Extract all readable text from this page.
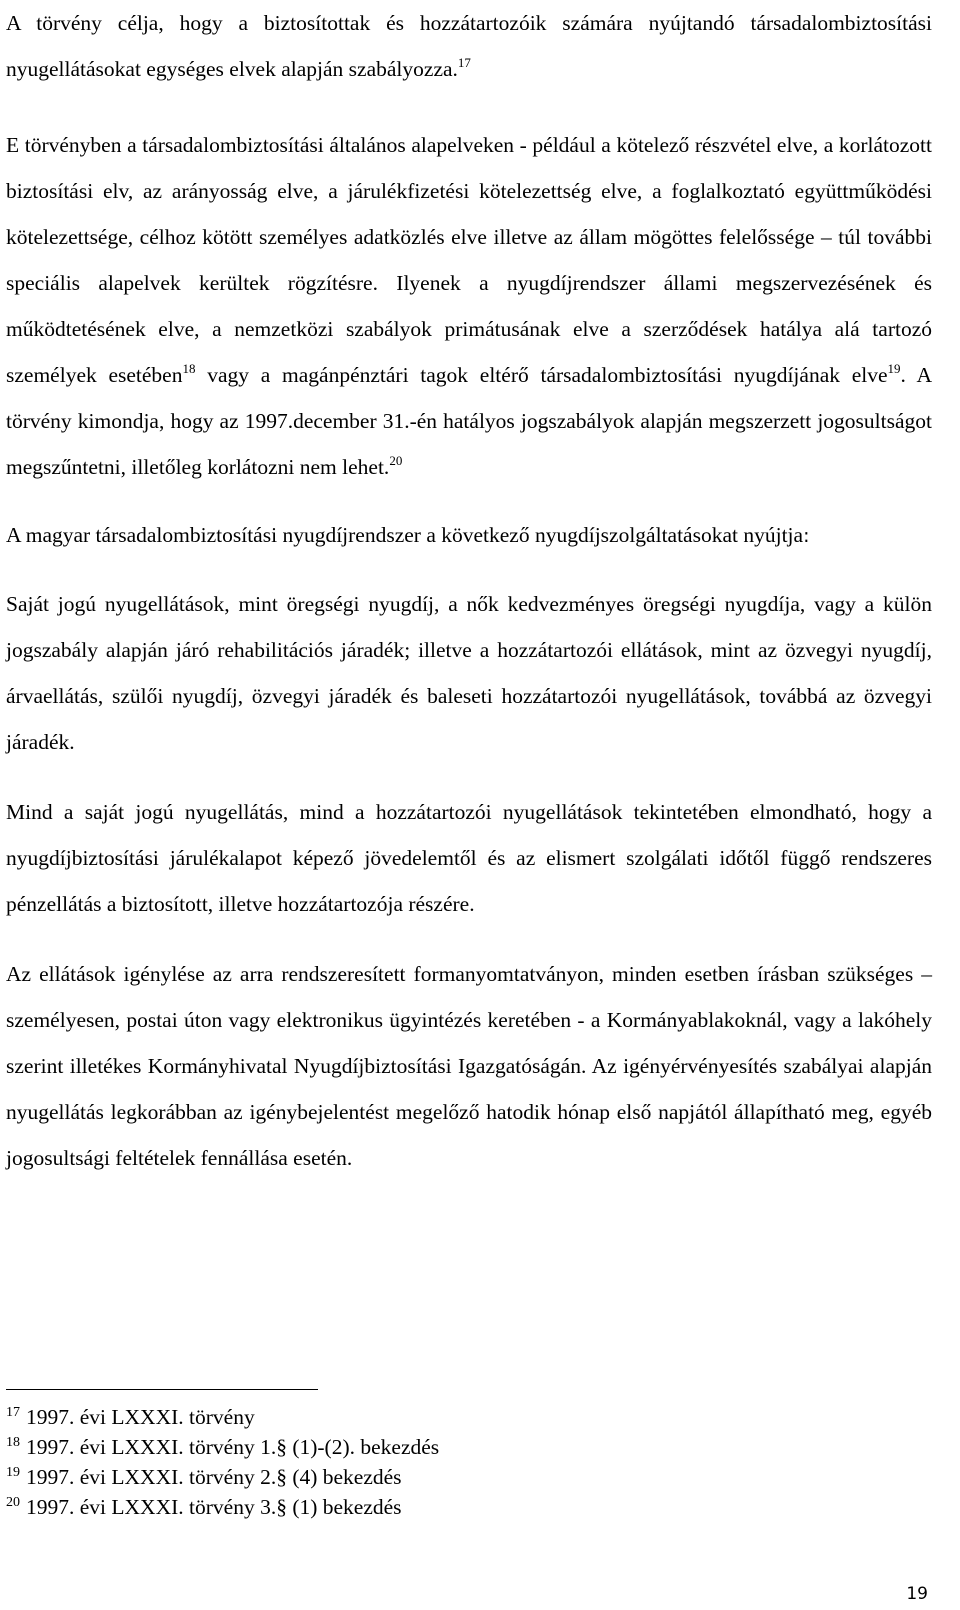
A törvény célja, hogy a biztosítottak és hozzátartozóik számára nyújtandó társadalombiztosítási nyugellátásokat egységes elvek alapján szabályozza.$^{17}$

E törvényben a társadalombiztosítási általános alapelveken - például a kötelező részvétel elve, a korlátozott biztosítási elv, az arányosság elve, a járulékfizetési kötelezettség elve, a foglalkoztató együttműködési kötelezettsége, célhoz kötött személyes adatközlés elve illetve az állam mögöttes felelőssége – túl további speciális alapelvek kerültek rögzítésre. Ilyenek a nyugdíjrendszer állami megszervezésének és működtetésének elve, a nemzetközi szabályok primátusának elve a szerződések hatálya alá tartozó személyek esetében$^{18}$ vagy a magánpénztári tagok eltérő társadalombiztosítási nyugdíjának elve$^{19}$. A törvény kimondja, hogy az 1997.december 31.-én hatályos jogszabályok alapján megszerzett jogosultságot megszűntetni, illetőleg korlátozni nem lehet.$^{20}$

A magyar társadalombiztosítási nyugdíjrendszer a következő nyugdíjszolgáltatásokat nyújtja:

Saját jogú nyugellátások, mint öregségi nyugdíj, a nők kedvezményes öregségi nyugdíja, vagy a külön jogszabály alapján járó rehabilitációs járadék; illetve a hozzátartozói ellátások, mint az özvegyi nyugdíj, árvaellátás, szülői nyugdíj, özvegyi járadék és baleseti hozzátartozói nyugellátások, továbbá az özvegyi járadék.

Mind a saját jogú nyugellátás, mind a hozzátartozói nyugellátások tekintetében elmondható, hogy a nyugdíjbiztosítási járulékalapot képező jövedelemtől és az elismert szolgálati időtől függő rendszeres pénzellátás a biztosított, illetve hozzátartozója részére.

Az ellátások igénylése az arra rendszeresített formanyomtatványon, minden esetben írásban szükséges – személyesen, postai úton vagy elektronikus ügyintézés keretében - a Kormányablakoknál, vagy a lakóhely szerint illetékes Kormányhivatal Nyugdíjbiztosítási Igazgatóságán. Az igényérvényesítés szabályai alapján nyugellátás legkorábban az igénybejelentést megelőző hatodik hónap első napjától állapítható meg, egyéb jogosultsági feltételek fennállása esetén.

$^{17}$ 1997. évi LXXXI. törvény

$^{18}$ 1997. évi LXXXI. törvény 1.§ (1)-(2). bekezdés

$^{19}$ 1997. évi LXXXI. törvény 2.§ (4) bekezdés

$^{20}$ 1997. évi LXXXI. törvény 3.§ (1) bekezdés

19
